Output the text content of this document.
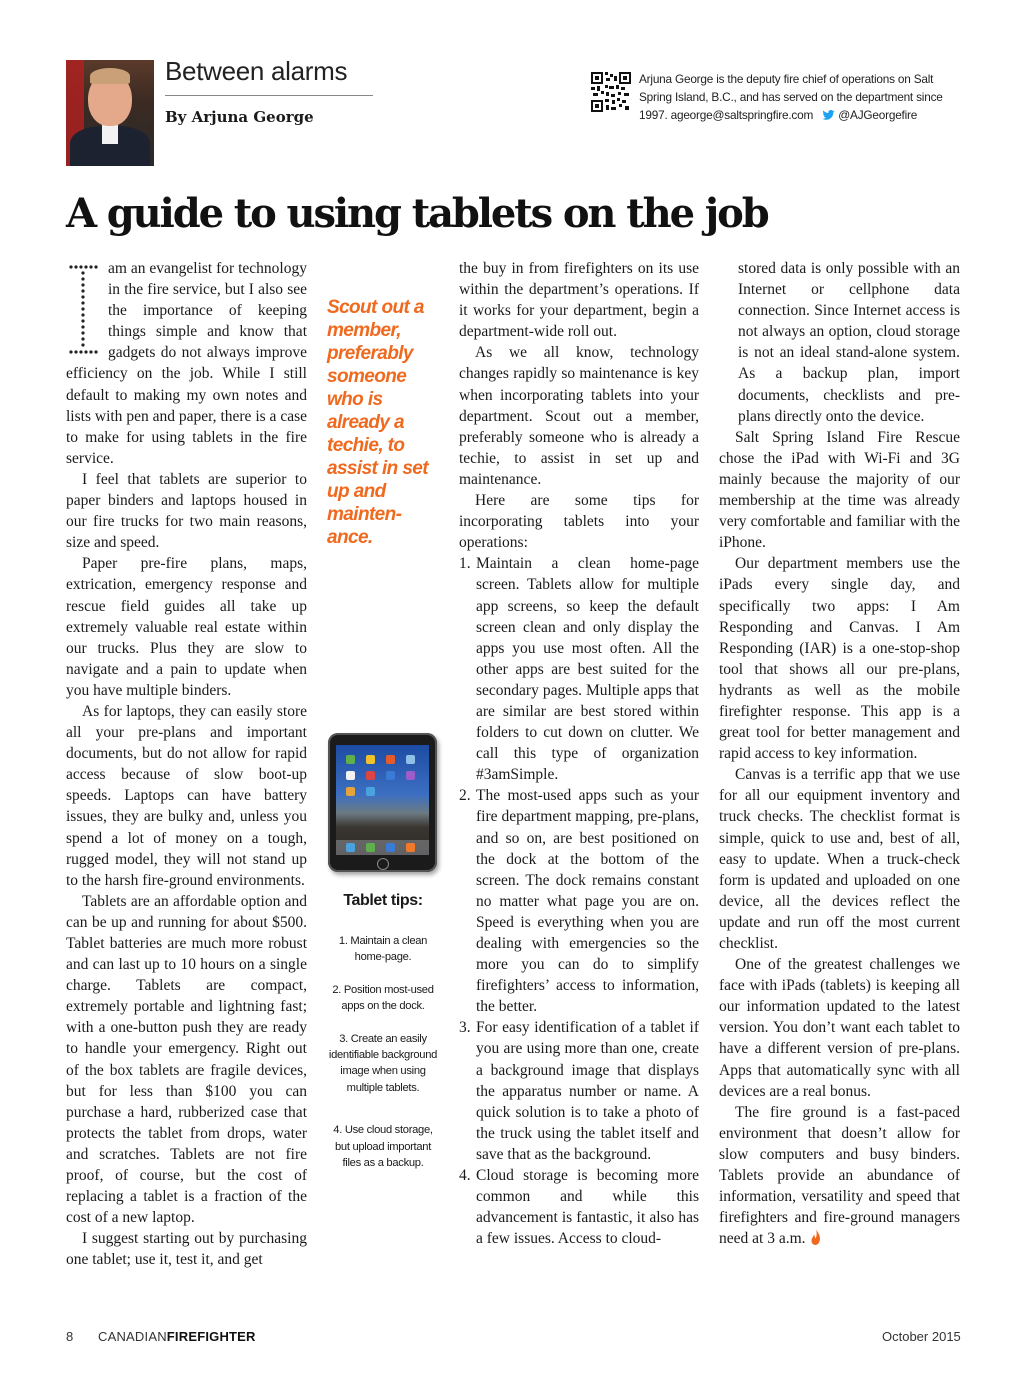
Between alarms
By Arjuna George
Arjuna George is the deputy fire chief of operations on Salt Spring Island, B.C., and has served on the department since 1997. ageorge@saltspringfire.com @AJGeorgefire
A guide to using tablets on the job

am an evangelist for technology in the fire service, but I also see the importance of keeping things simple and know that gadgets do not always improve efficiency on the job. While I still default to making my own notes and lists with pen and paper, there is a case to make for using tablets in the fire service.

I feel that tablets are superior to paper binders and laptops housed in our fire trucks for two main reasons, size and speed.

Paper pre-fire plans, maps, extrication, emergency response and rescue field guides all take up extremely valuable real estate within our trucks. Plus they are slow to navigate and a pain to update when you have multiple binders.

As for laptops, they can easily store all your pre-plans and important documents, but do not allow for rapid access because of slow boot-up speeds. Laptops can have battery issues, they are bulky and, unless you spend a lot of money on a tough, rugged model, they will not stand up to the harsh fire-ground environments.

Tablets are an affordable option and can be up and running for about $500. Tablet batteries are much more robust and can last up to 10 hours on a single charge. Tablets are compact, extremely portable and lightning fast; with a one-button push they are ready to handle your emergency. Right out of the box tablets are fragile devices, but for less than $100 you can purchase a hard, rubberized case that protects the tablet from drops, water and scratches. Tablets are not fire proof, of course, but the cost of replacing a tablet is a fraction of the cost of a new laptop.

I suggest starting out by purchasing one tablet; use it, test it, and get

Scout out a member, preferably someone who is already a techie, to assist in set up and mainten- ance.
Tablet tips:
1. Maintain a clean home-page.
2. Position most-used apps on the dock.
3. Create an easily identifiable background image when using multiple tablets.
4. Use cloud storage, but upload important files as a backup.

the buy in from firefighters on its use within the department’s operations. If it works for your department, begin a department-wide roll out.

As we all know, technology changes rapidly so maintenance is key when incorporating tablets into your department. Scout out a member, preferably someone who is already a techie, to assist in set up and maintenance.

Here are some tips for incorporating tablets into your operations:

1. Maintain a clean home-page screen. Tablets allow for multiple app screens, so keep the default screen clean and only display the apps you use most often. All the other apps are best suited for the secondary pages. Multiple apps that are similar are best stored within folders to cut down on clutter. We call this type of organization #3amSimple.
2. The most-used apps such as your fire department mapping, pre-plans, and so on, are best positioned on the dock at the bottom of the screen. The dock remains constant no matter what page you are on. Speed is everything when you are dealing with emergencies so the more you can do to simplify firefighters’ access to information, the better.
3. For easy identification of a tablet if you are using more than one, create a background image that displays the apparatus number or name. A quick solution is to take a photo of the truck using the tablet itself and save that as the background.
4. Cloud storage is becoming more common and while this advancement is fantastic, it also has a few issues. Access to cloud-

stored data is only possible with an Internet or cellphone data connection. Since Internet access is not always an option, cloud storage is not an ideal stand-alone system. As a backup plan, import documents, checklists and pre-plans directly onto the device.

Salt Spring Island Fire Rescue chose the iPad with Wi-Fi and 3G mainly because the majority of our membership at the time was already very comfortable and familiar with the iPhone.

Our department members use the iPads every single day, and specifically two apps: I Am Responding and Canvas. I Am Responding (IAR) is a one-stop-shop tool that shows all our pre-plans, hydrants as well as the mobile firefighter response. This app is a great tool for better management and rapid access to key information.

Canvas is a terrific app that we use for all our equipment inventory and truck checks. The checklist format is simple, quick to use and, best of all, easy to update. When a truck-check form is updated and uploaded on one device, all the devices reflect the update and run off the most current checklist.

One of the greatest challenges we face with iPads (tablets) is keeping all our information updated to the latest version. You don’t want each tablet to have a different version of pre-plans. Apps that automatically sync with all devices are a real bonus.

The fire ground is a fast-paced environment that doesn’t allow for slow computers and busy binders. Tablets provide an abundance of information, versatility and speed that firefighters and fire-ground managers need at 3 a.m.

8 CANADIANFIREFIGHTER	October 2015
